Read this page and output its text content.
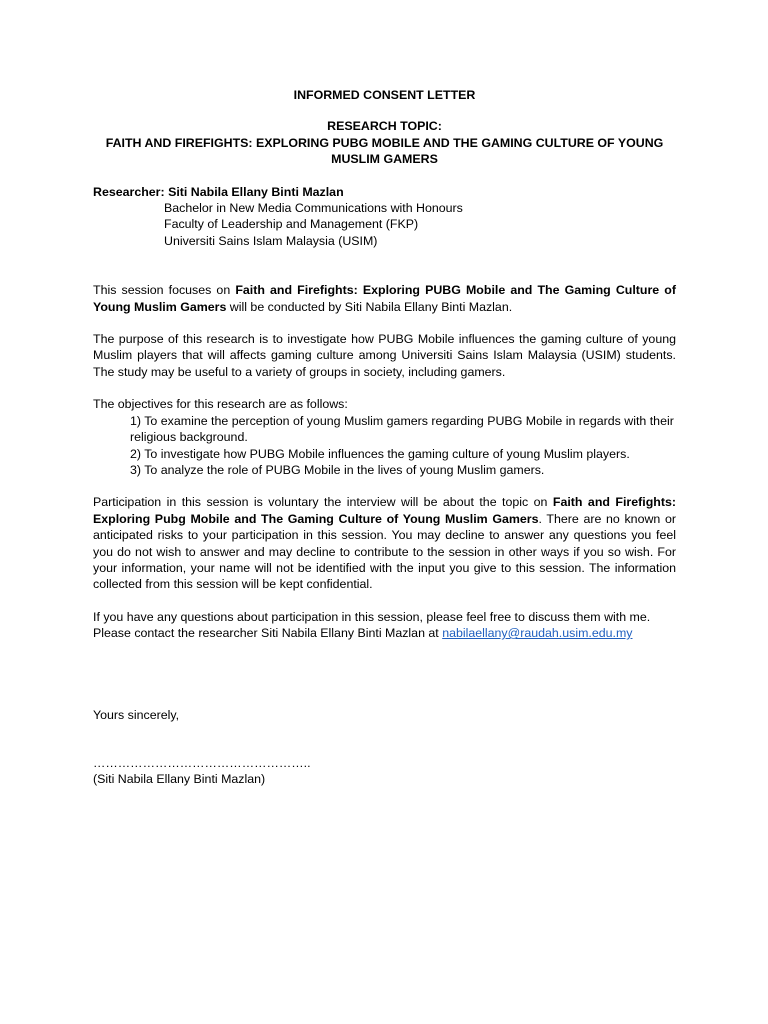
INFORMED CONSENT LETTER
RESEARCH TOPIC:
FAITH AND FIREFIGHTS: EXPLORING PUBG MOBILE AND THE GAMING CULTURE OF YOUNG
MUSLIM GAMERS
Researcher: Siti Nabila Ellany Binti Mazlan
Bachelor in New Media Communications with Honours
Faculty of Leadership and Management (FKP)
Universiti Sains Islam Malaysia (USIM)
This session focuses on Faith and Firefights: Exploring PUBG Mobile and The Gaming Culture of Young Muslim Gamers will be conducted by Siti Nabila Ellany Binti Mazlan.
The purpose of this research is to investigate how PUBG Mobile influences the gaming culture of young Muslim players that will affects gaming culture among Universiti Sains Islam Malaysia (USIM) students. The study may be useful to a variety of groups in society, including gamers.
The objectives for this research are as follows:
1) To examine the perception of young Muslim gamers regarding PUBG Mobile in regards with their religious background.
2) To investigate how PUBG Mobile influences the gaming culture of young Muslim players.
3) To analyze the role of PUBG Mobile in the lives of young Muslim gamers.
Participation in this session is voluntary the interview will be about the topic on Faith and Firefights: Exploring Pubg Mobile and The Gaming Culture of Young Muslim Gamers. There are no known or anticipated risks to your participation in this session. You may decline to answer any questions you feel you do not wish to answer and may decline to contribute to the session in other ways if you so wish. For your information, your name will not be identified with the input you give to this session. The information collected from this session will be kept confidential.
If you have any questions about participation in this session, please feel free to discuss them with me.
Please contact the researcher Siti Nabila Ellany Binti Mazlan at nabilaellany@raudah.usim.edu.my
Yours sincerely,
……………………………………………..
(Siti Nabila Ellany Binti Mazlan)
